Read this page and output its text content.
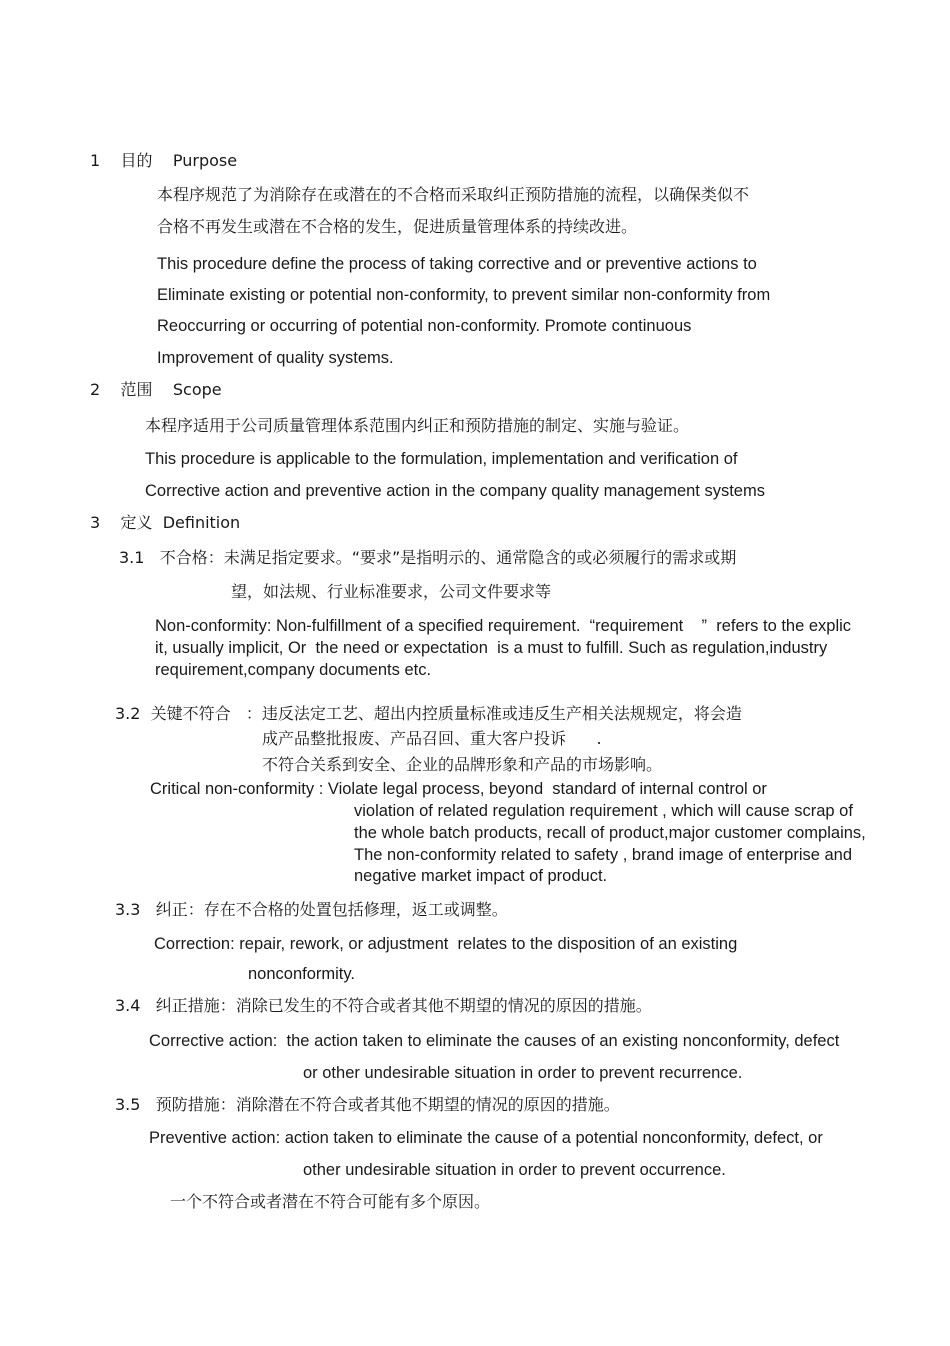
1    目的    Purpose
本程序规范了为消除存在或潜在的不合格而采取纠正预防措施的流程，以确保类似不
合格不再发生或潜在不合格的发生，促进质量管理体系的持续改进。
This procedure define the process of taking corrective and or preventive actions to
Eliminate existing or potential non-conformity, to prevent similar non-conformity from
Reoccurring or occurring of potential non-conformity. Promote continuous
Improvement of quality systems.
2    范围    Scope
本程序适用于公司质量管理体系范围内纠正和预防措施的制定、实施与验证。
This procedure is applicable to the formulation, implementation and verification of
Corrective action and preventive action in the company quality management systems
3    定义  Definition
3.1   不合格：未满足指定要求。“要求”是指明示的、通常隐含的或必须履行的需求或期
望，如法规、行业标准要求，公司文件要求等
Non-conformity: Non-fulfillment of a specified requirement.  “requirement    ”  refers to the explic
it, usually implicit, Or  the need or expectation  is a must to fulfill. Such as regulation,industry
requirement,company documents etc.
3.2  关键不符合   ：违反法定工艺、超出内控质量标准或违反生产相关法规规定，将会造
成产品整批报废、产品召回、重大客户投诉      .
不符合关系到安全、企业的品牌形象和产品的市场影响。
Critical non-conformity : Violate legal process, beyond  standard of internal control or
violation of related regulation requirement , which will cause scrap of
the whole batch products, recall of product,major customer complains,
The non-conformity related to safety , brand image of enterprise and
negative market impact of product.
3.3   纠正：存在不合格的处置包括修理，返工或调整。
Correction: repair, rework, or adjustment  relates to the disposition of an existing
nonconformity.
3.4   纠正措施：消除已发生的不符合或者其他不期望的情况的原因的措施。
Corrective action:  the action taken to eliminate the causes of an existing nonconformity, defect
or other undesirable situation in order to prevent recurrence.
3.5   预防措施：消除潜在不符合或者其他不期望的情况的原因的措施。
Preventive action: action taken to eliminate the cause of a potential nonconformity, defect, or
other undesirable situation in order to prevent occurrence.
一个不符合或者潜在不符合可能有多个原因。
